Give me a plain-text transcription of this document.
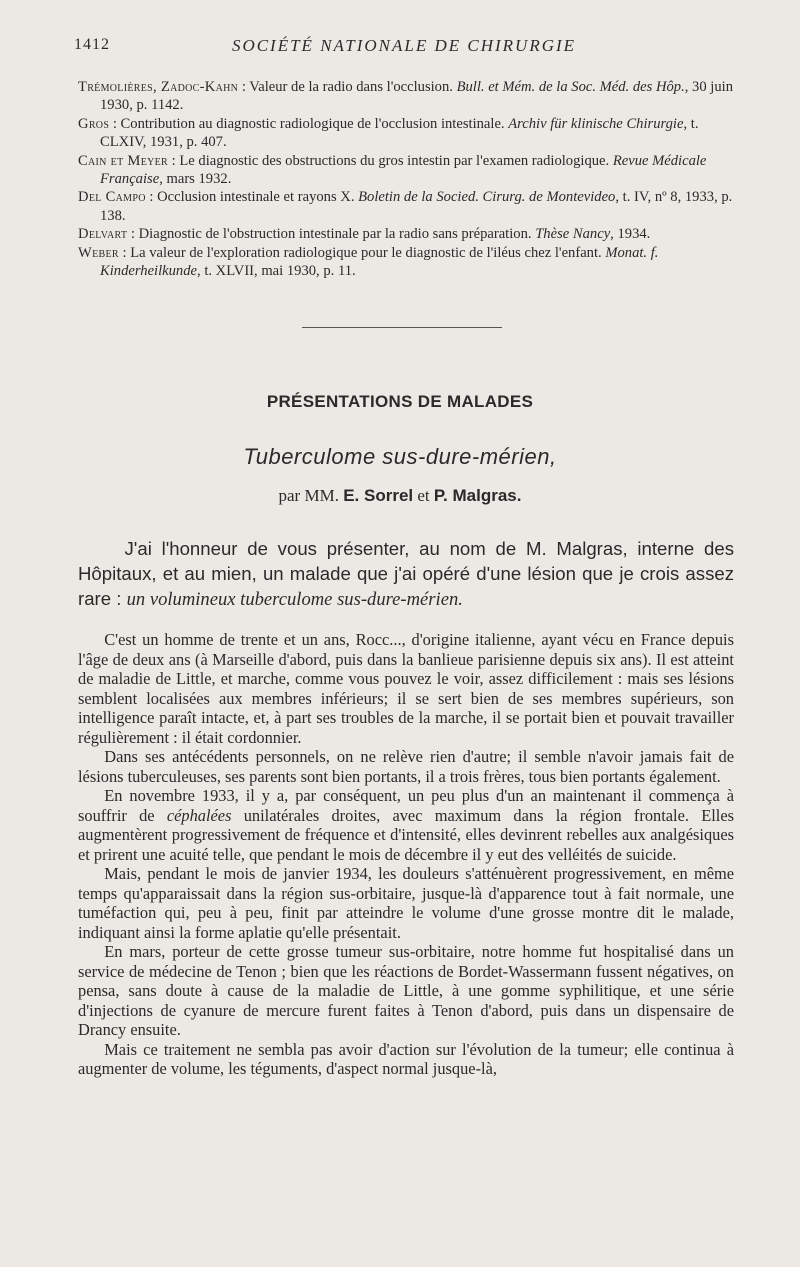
1412	SOCIÉTÉ NATIONALE DE CHIRURGIE

Trémolières, Zadoc-Kahn : Valeur de la radio dans l'occlusion. Bull. et Mém. de la Soc. Méd. des Hôp., 30 juin 1930, p. 1142.

Gros : Contribution au diagnostic radiologique de l'occlusion intestinale. Archiv für klinische Chirurgie, t. CLXIV, 1931, p. 407.

Cain et Meyer : Le diagnostic des obstructions du gros intestin par l'examen radiologique. Revue Médicale Française, mars 1932.

Del Campo : Occlusion intestinale et rayons X. Boletin de la Socied. Cirurg. de Montevideo, t. IV, nº 8, 1933, p. 138.

Delvart : Diagnostic de l'obstruction intestinale par la radio sans préparation. Thèse Nancy, 1934.

Weber : La valeur de l'exploration radiologique pour le diagnostic de l'iléus chez l'enfant. Monat. f. Kinderheilkunde, t. XLVII, mai 1930, p. 11.

PRÉSENTATIONS DE MALADES
Tuberculome sus-dure-mérien,
par MM. E. Sorrel et P. Malgras.

J'ai l'honneur de vous présenter, au nom de M. Malgras, interne des Hôpitaux, et au mien, un malade que j'ai opéré d'une lésion que je crois assez rare : un volumineux tuberculome sus-dure-mérien.

C'est un homme de trente et un ans, Rocc..., d'origine italienne, ayant vécu en France depuis l'âge de deux ans (à Marseille d'abord, puis dans la banlieue parisienne depuis six ans). Il est atteint de maladie de Little, et marche, comme vous pouvez le voir, assez difficilement : mais ses lésions semblent localisées aux membres inférieurs; il se sert bien de ses membres supérieurs, son intelligence paraît intacte, et, à part ses troubles de la marche, il se portait bien et pouvait travailler régulièrement : il était cordonnier.

Dans ses antécédents personnels, on ne relève rien d'autre; il semble n'avoir jamais fait de lésions tuberculeuses, ses parents sont bien portants, il a trois frères, tous bien portants également.

En novembre 1933, il y a, par conséquent, un peu plus d'un an maintenant il commença à souffrir de céphalées unilatérales droites, avec maximum dans la région frontale. Elles augmentèrent progressivement de fréquence et d'intensité, elles devinrent rebelles aux analgésiques et prirent une acuité telle, que pendant le mois de décembre il y eut des velléités de suicide.

Mais, pendant le mois de janvier 1934, les douleurs s'atténuèrent progressivement, en même temps qu'apparaissait dans la région sus-orbitaire, jusque-là d'apparence tout à fait normale, une tuméfaction qui, peu à peu, finit par atteindre le volume d'une grosse montre dit le malade, indiquant ainsi la forme aplatie qu'elle présentait.

En mars, porteur de cette grosse tumeur sus-orbitaire, notre homme fut hospitalisé dans un service de médecine de Tenon ; bien que les réactions de Bordet-Wassermann fussent négatives, on pensa, sans doute à cause de la maladie de Little, à une gomme syphilitique, et une série d'injections de cyanure de mercure furent faites à Tenon d'abord, puis dans un dispensaire de Drancy ensuite.

Mais ce traitement ne sembla pas avoir d'action sur l'évolution de la tumeur; elle continua à augmenter de volume, les téguments, d'aspect normal jusque-là,
